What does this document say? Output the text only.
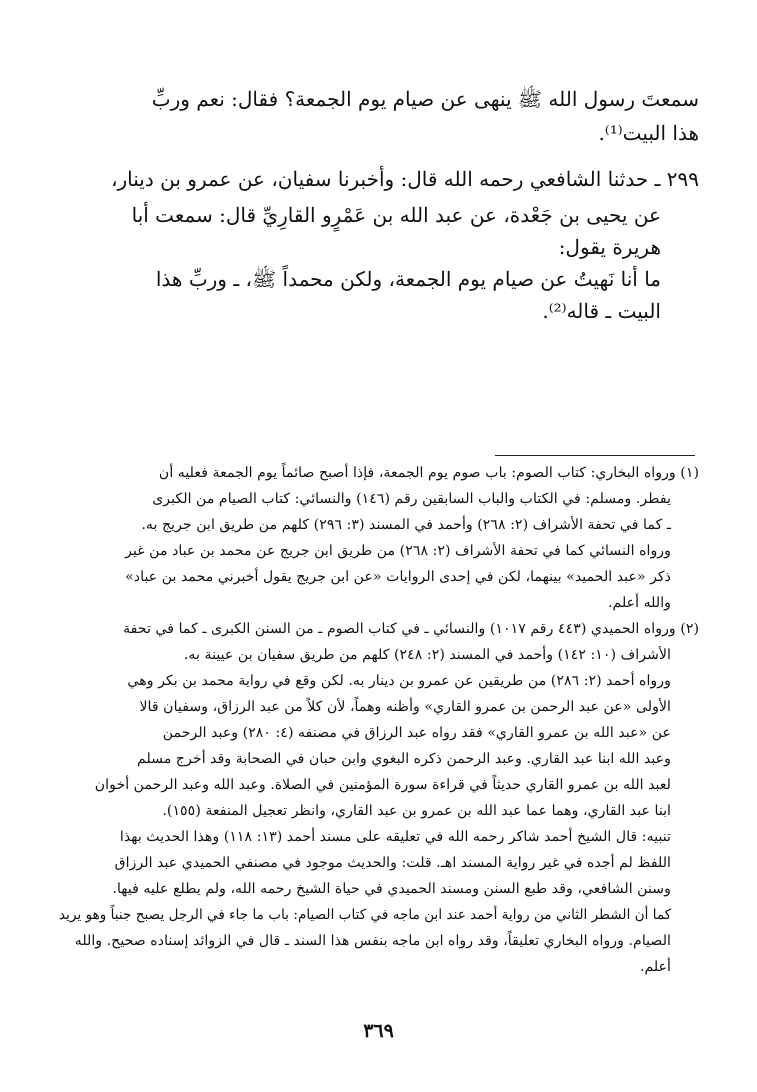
سمعتَ رسول الله ﷺ ينهى عن صيام يوم الجمعة؟ فقال: نعم وربِّ
هذا البيت⁽¹⁾.
٢٩٩ ـ حدثنا الشافعي رحمه الله قال: وأخبرنا سفيان، عن عمرو بن دينار،
عن يحيى بن جَعْدة، عن عبد الله بن عَمْرٍو القارِيِّ قال: سمعت أبا
هريرة يقول:
ما أنا نَهيتُ عن صيام يوم الجمعة، ولكن محمداً ﷺ، ـ وربِّ هذا
البيت ـ قاله⁽²⁾.
(١) ورواه البخاري: كتاب الصوم: باب صوم يوم الجمعة، فإذا أصبح صائماً يوم الجمعة فعليه أن
يفطر. ومسلم: في الكتاب والباب السابقين رقم (١٤٦) والنسائي: كتاب الصيام من الكبرى
ـ كما في تحفة الأشراف (٢: ٢٦٨) وأحمد في المسند (٣: ٢٩٦) كلهم من طريق ابن جريج به.
ورواه النسائي كما في تحفة الأشراف (٢: ٢٦٨) من طريق ابن جريج عن محمد بن عباد من غير
ذكر «عبد الحميد» بينهما، لكن في إحدى الروايات «عن ابن جريج يقول أخبرني محمد بن عباد»
والله أعلم.
(٢) ورواه الحميدي (٤٤٣ رقم ١٠١٧) والنسائي ـ في كتاب الصوم ـ من السنن الكبرى ـ كما في تحفة
الأشراف (١٠: ١٤٢) وأحمد في المسند (٢: ٢٤٨) كلهم من طريق سفيان بن عيينة به.
ورواه أحمد (٢: ٢٨٦) من طريقين عن عمرو بن دينار به. لكن وقع في رواية محمد بن بكر وهي
الأولى «عن عبد الرحمن بن عمرو القاري» وأظنه وهماً، لأن كلاً من عبد الرزاق، وسفيان قالا
عن «عبد الله بن عمرو القاري» فقد رواه عبد الرزاق في مصنفه (٤: ٢٨٠) وعبد الرحمن
وعبد الله ابنا عبد القاري. وعبد الرحمن ذكره البغوي وابن حبان في الصحابة وقد أخرج مسلم
لعبد الله بن عمرو القاري حديثاً في قراءة سورة المؤمنين في الصلاة. وعبد الله وعبد الرحمن أخوان
ابنا عبد القاري، وهما عما عبد الله بن عمرو بن عبد القاري، وانظر تعجيل المنفعة (١٥٥).
تنبيه: قال الشيخ أحمد شاكر رحمه الله في تعليقه على مسند أحمد (١٣: ١١٨) وهذا الحديث بهذا
اللفظ لم أجده في غير رواية المسند اهـ. قلت: والحديث موجود في مصنفي الحميدي عبد الرزاق
وسنن الشافعي، وقد طبع السنن ومسند الحميدي في حياة الشيخ رحمه الله، ولم يطلع عليه فيها.
كما أن الشطر الثاني من رواية أحمد عند ابن ماجه في كتاب الصيام: باب ما جاء في الرجل يصبح جنباً وهو يريد
الصيام. ورواه البخاري تعليقاً، وقد رواه ابن ماجه بنفس هذا السند ـ قال في الزوائد إسناده صحيح. والله
أعلم.
٣٦٩
